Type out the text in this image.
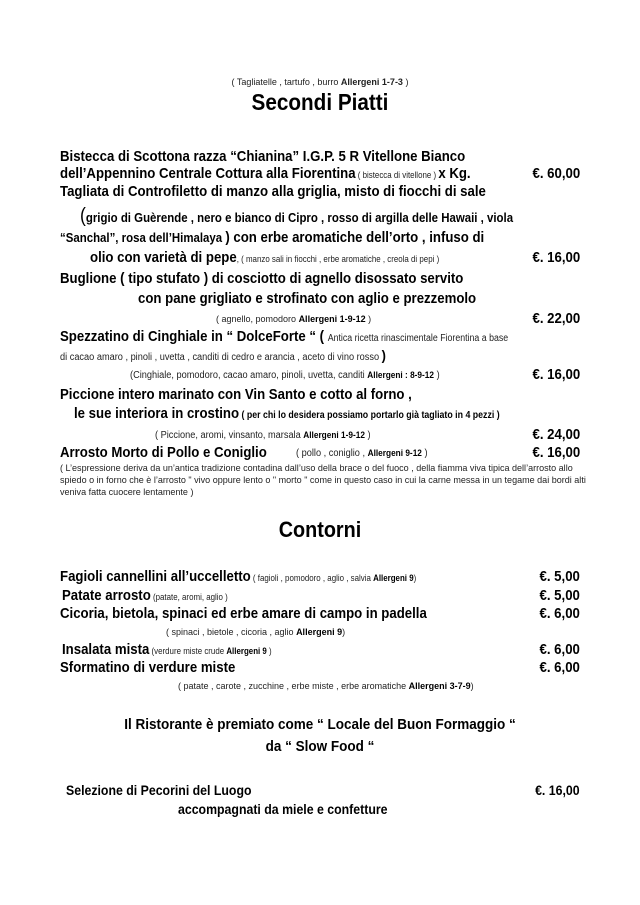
( Tagliatelle , tartufo , burro Allergeni 1-7-3 )
Secondi Piatti
Bistecca di Scottona razza “Chianina” I.G.P. 5 R Vitellone Bianco
dell’Appennino Centrale Cottura alla Fiorentina ( bistecca di vitellone ) x Kg.	€. 60,00
Tagliata di Controfiletto di manzo alla griglia, misto di fiocchi di sale
(grigio di Guèrende , nero e bianco di Cipro , rosso di argilla delle Hawaii , viola
“Sanchal”, rosa dell’Himalaya ) con erbe aromatiche dell’orto , infuso di
olio con varietà di pepe, ( manzo sali in fiocchi , erbe aromatiche , creola di pepi )	€. 16,00
Buglione ( tipo stufato ) di cosciotto di agnello disossato servito
con pane grigliato e strofinato con aglio e prezzemolo
( agnello, pomodoro Allergeni 1-9-12 )	€. 22,00
Spezzatino di Cinghiale in “ DolceForte “ ( Antica ricetta rinascimentale Fiorentina a base
di cacao amaro , pinoli , uvetta , canditi di cedro e arancia , aceto di vino rosso )
(Cinghiale, pomodoro, cacao amaro, pinoli, uvetta, canditi Allergeni : 8-9-12 )	€. 16,00
Piccione intero marinato con Vin Santo e cotto al forno ,
le sue interiora in crostino ( per chi lo desidera possiamo portarlo già tagliato in 4 pezzi )
( Piccione, aromi, vinsanto, marsala Allergeni 1-9-12 )	€. 24,00
Arrosto Morto di Pollo e Coniglio	( pollo , coniglio , Allergeni 9-12 )	€. 16,00
( L’espressione deriva da un’antica tradizione contadina dall’uso della brace o del fuoco , della fiamma viva tipica dell’arrosto allo spiedo o in forno che è l’arrosto " vivo oppure lento o " morto " come in questo caso in cui la carne messa in un tegame dai bordi alti veniva fatta cuocere lentamente )
Contorni
Fagioli cannellini all’uccelletto ( fagioli , pomodoro , aglio , salvia Allergeni 9)	€. 5,00
Patate arrosto (patate, aromi, aglio )	€. 5,00
Cicoria, bietola, spinaci ed erbe amare di campo in padella	€. 6,00
( spinaci , bietole , cicoria , aglio Allergeni 9)
Insalata mista (verdure miste crude Allergeni 9 )	€. 6,00
Sformatino di verdure miste	€. 6,00
( patate , carote , zucchine , erbe miste , erbe aromatiche Allergeni 3-7-9)
Il Ristorante è premiato come “ Locale del Buon Formaggio “
da “ Slow Food “
Selezione di Pecorini del Luogo	€. 16,00
accompagnati da miele e confetture
